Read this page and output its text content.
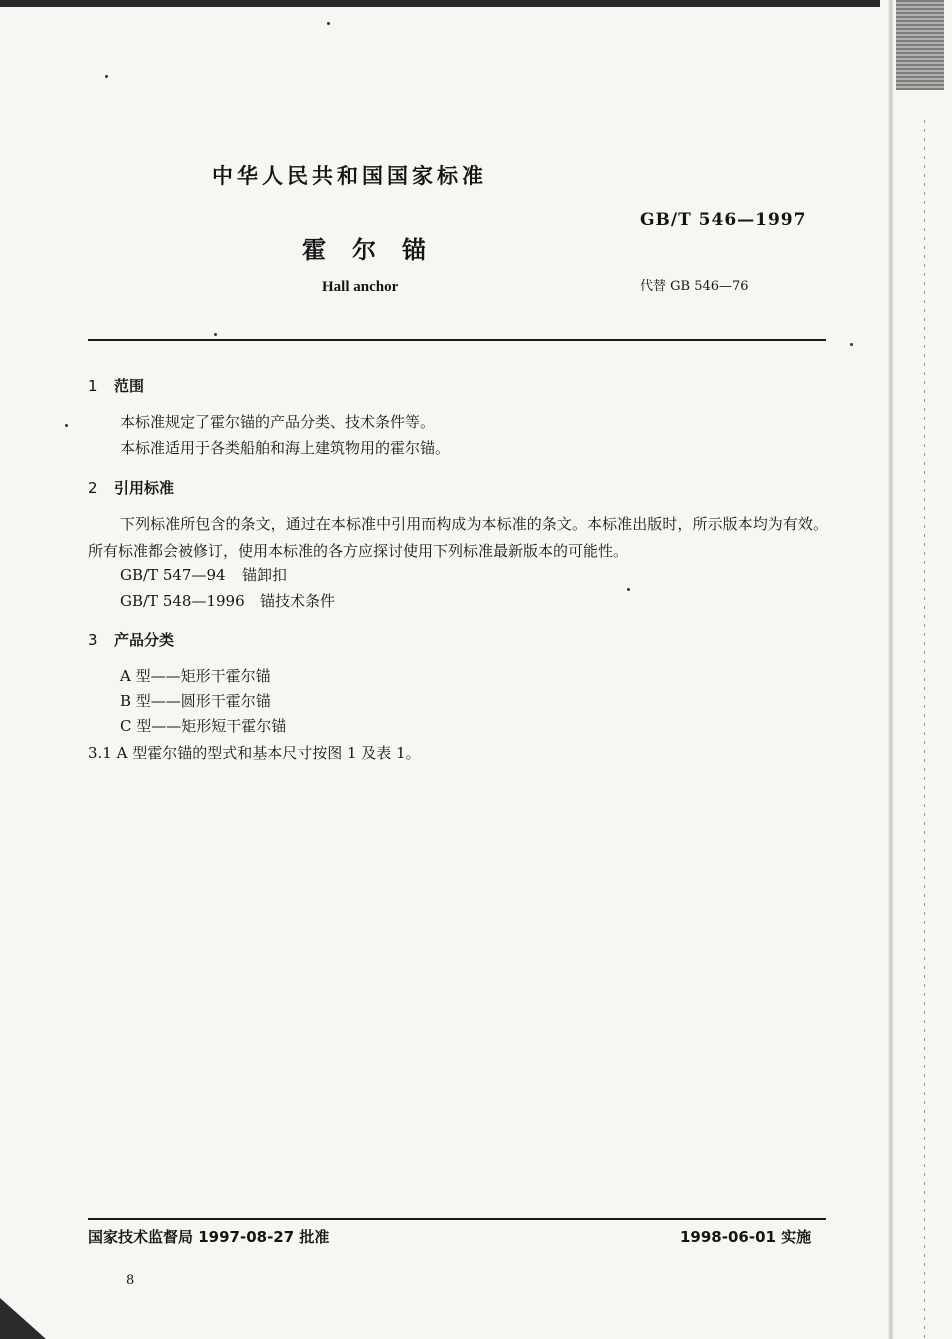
中华人民共和国国家标准
GB/T 546—1997
霍尔锚
Hall anchor	代替 GB 546—76
1 范围
本标准规定了霍尔锚的产品分类、技术条件等。
本标准适用于各类船舶和海上建筑物用的霍尔锚。
2 引用标准
下列标准所包含的条文，通过在本标准中引用而构成为本标准的条文。本标准出版时，所示版本均为有效。所有标准都会被修订，使用本标准的各方应探讨使用下列标准最新版本的可能性。
GB/T 547—94 锚卸扣
GB/T 548—1996 锚技术条件
3 产品分类
A 型——矩形干霍尔锚
B 型——圆形干霍尔锚
C 型——矩形短干霍尔锚
3.1 A 型霍尔锚的型式和基本尺寸按图 1 及表 1。
国家技术监督局 1997-08-27 批准	1998-06-01 实施
8
